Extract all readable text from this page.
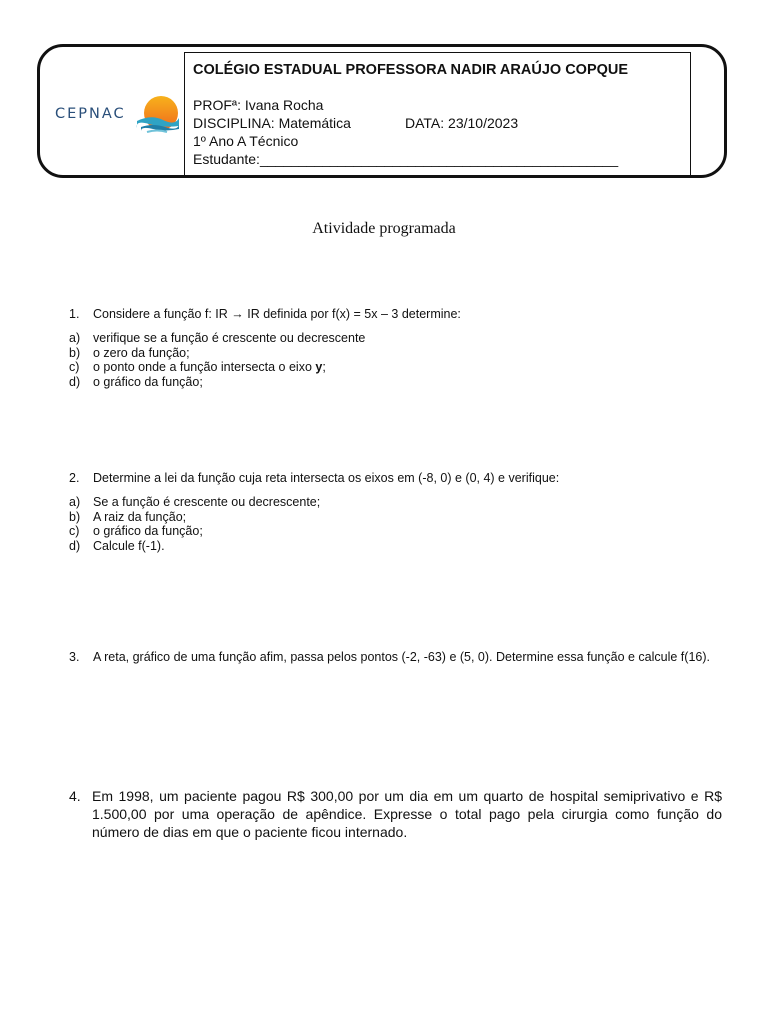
CEPNAC
COLÉGIO ESTADUAL PROFESSORA NADIR ARAÚJO COPQUE
PROFª: Ivana Rocha
DISCIPLINA: Matemática	DATA: 23/10/2023
1º Ano A Técnico
Estudante:______________________________________________
Atividade programada
1. Considere a função f: IR → IR definida por f(x) = 5x – 3 determine:
a) verifique se a função é crescente ou decrescente
b) o zero da função;
c) o ponto onde a função intersecta o eixo y;
d) o gráfico da função;
2. Determine a lei da função cuja reta intersecta os eixos em (-8, 0) e (0, 4) e verifique:
a) Se a função é crescente ou decrescente;
b) A raiz da função;
c) o gráfico da função;
d) Calcule f(-1).
3. A reta, gráfico de uma função afim, passa pelos pontos (-2, -63) e (5, 0). Determine essa função e calcule f(16).
4. Em 1998, um paciente pagou R$ 300,00 por um dia em um quarto de hospital semiprivativo e R$ 1.500,00 por uma operação de apêndice. Expresse o total pago pela cirurgia como função do número de dias em que o paciente ficou internado.
